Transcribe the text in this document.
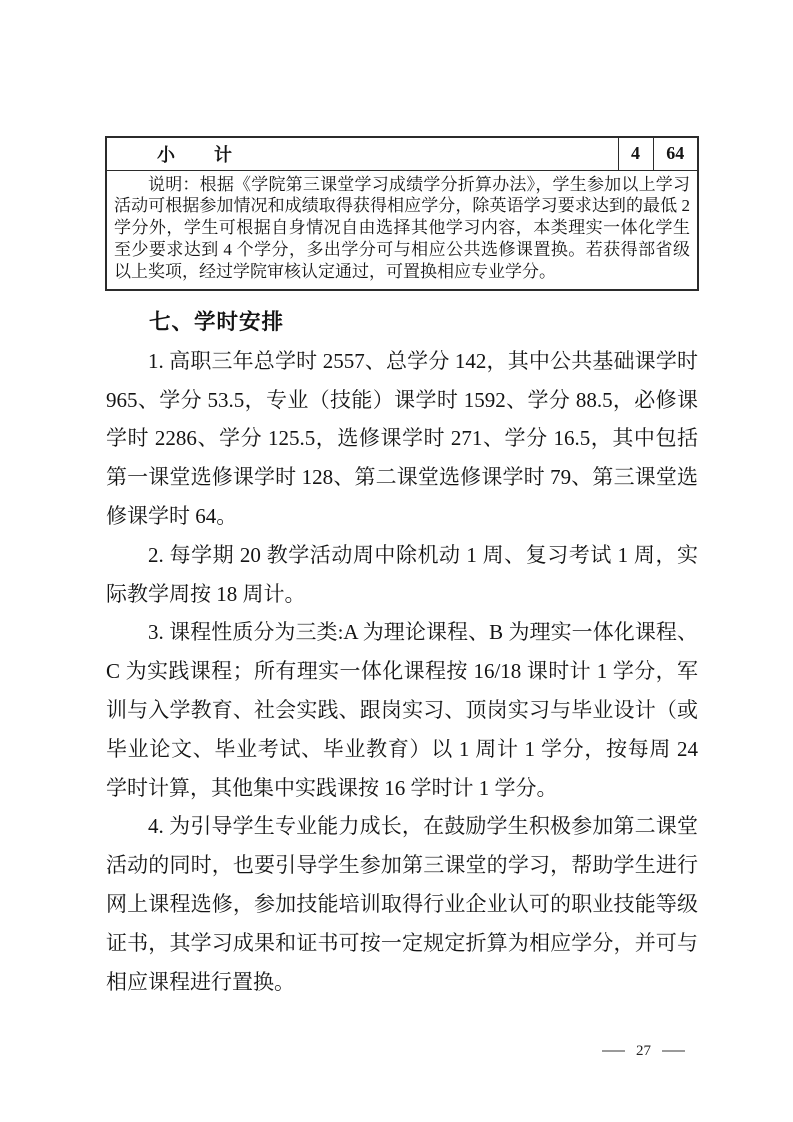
小　　计	4	64

说明：根据《学院第三课堂学习成绩学分折算办法》，学生参加以上学习活动可根据参加情况和成绩取得获得相应学分，除英语学习要求达到的最低 2 学分外，学生可根据自身情况自由选择其他学习内容，本类理实一体化学生至少要求达到 4 个学分，多出学分可与相应公共选修课置换。若获得部省级以上奖项，经过学院审核认定通过，可置换相应专业学分。
七、学时安排

1. 高职三年总学时 2557、总学分 142，其中公共基础课学时 965、学分 53.5，专业（技能）课学时 1592、学分 88.5，必修课学时 2286、学分 125.5，选修课学时 271、学分 16.5，其中包括第一课堂选修课学时 128、第二课堂选修课学时 79、第三课堂选修课学时 64。

2. 每学期 20 教学活动周中除机动 1 周、复习考试 1 周，实际教学周按 18 周计。

3. 课程性质分为三类:A 为理论课程、B 为理实一体化课程、C 为实践课程；所有理实一体化课程按 16/18 课时计 1 学分，军训与入学教育、社会实践、跟岗实习、顶岗实习与毕业设计（或毕业论文、毕业考试、毕业教育）以 1 周计 1 学分，按每周 24 学时计算，其他集中实践课按 16 学时计 1 学分。

4. 为引导学生专业能力成长，在鼓励学生积极参加第二课堂活动的同时，也要引导学生参加第三课堂的学习，帮助学生进行网上课程选修，参加技能培训取得行业企业认可的职业技能等级证书，其学习成果和证书可按一定规定折算为相应学分，并可与相应课程进行置换。

27
